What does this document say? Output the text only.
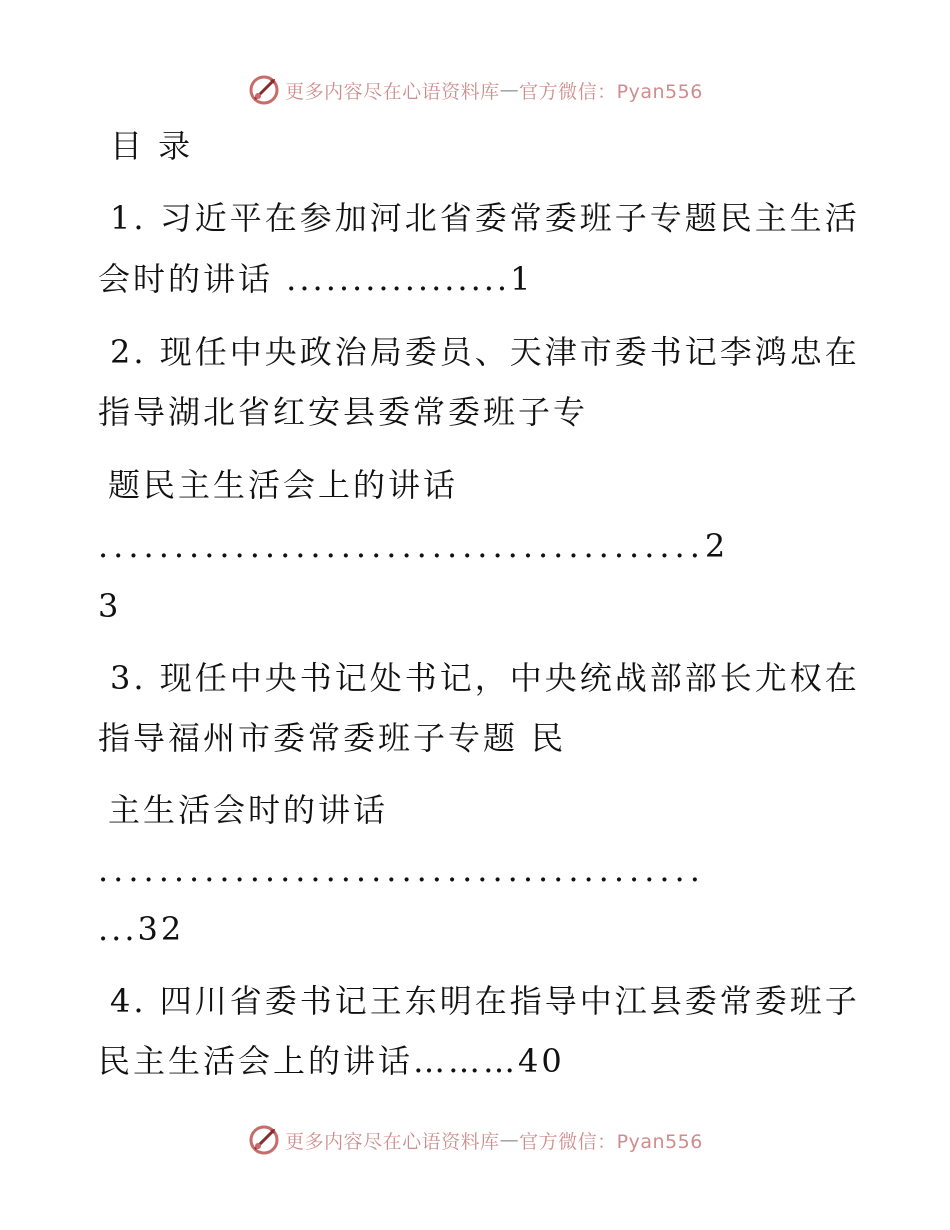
更多内容尽在心语资料库 — 官方微信：Pyan556
目 录
1. 习近平在参加河北省委常委班子专题民主生活
会时的讲话 .................1
2. 现任中央政治局委员、天津市委书记李鸿忠在
指导湖北省红安县委常委班子专
题民主生活会上的讲话
........................................2
3
3. 现任中央书记处书记，中央统战部部长尤权在
指导福州市委常委班子专题 民
主生活会时的讲话
........................................
...32
4. 四川省委书记王东明在指导中江县委常委班子
民主生活会上的讲话………40
更多内容尽在心语资料库 — 官方微信：Pyan556
